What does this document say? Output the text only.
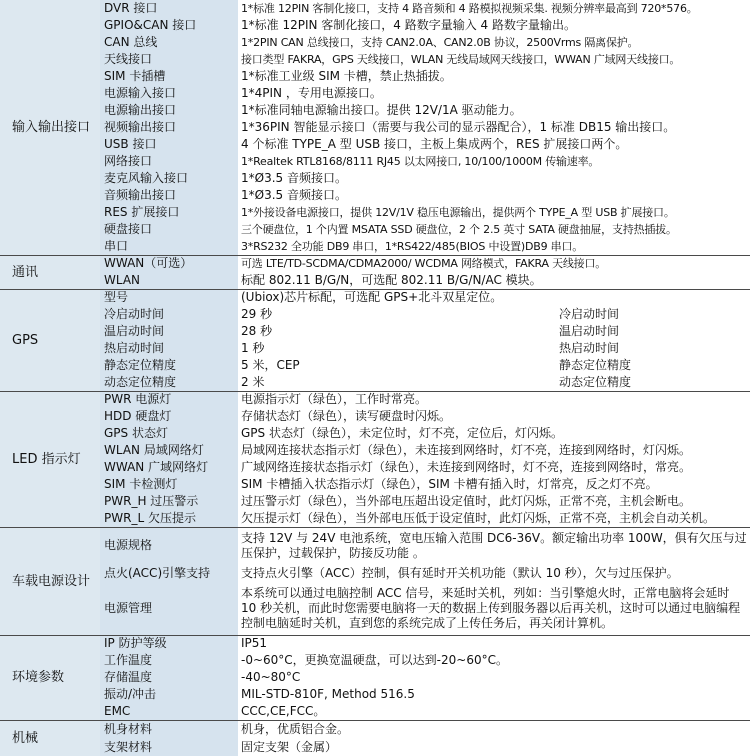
输入输出接口	DVR 接口	1*标准 12PIN 客制化接口，支持 4 路音频和 4 路模拟视频采集. 视频分辨率最高到 720*576。	
	GPIO&CAN 接口	1*标准 12PIN 客制化接口，4 路数字量输入 4 路数字量输出。	
	CAN 总线	1*2PIN CAN 总线接口，支持 CAN2.0A、CAN2.0B 协议，2500Vrms 隔离保护。	
	天线接口	接口类型 FAKRA，GPS 天线接口，WLAN 无线局域网天线接口，WWAN 广域网天线接口。	
	SIM 卡插槽	1*标准工业级 SIM 卡槽，禁止热插拔。	
	电源输入接口	1*4PIN ，专用电源接口。	
	电源输出接口	1*标准同轴电源输出接口。提供 12V/1A 驱动能力。	
	视频输出接口	1*36PIN 智能显示接口（需要与我公司的显示器配合），1 标准 DB15 输出接口。	
	USB 接口	4 个标准 TYPE_A 型 USB 接口，主板上集成两个，RES 扩展接口两个。	
	网络接口	1*Realtek RTL8168/8111 RJ45 以太网接口, 10/100/1000M 传输速率。	
	麦克风输入接口	1*Ø3.5 音频接口。	
	音频输出接口	1*Ø3.5 音频接口。	
	RES 扩展接口	1*外接设备电源接口，提供 12V/1V 稳压电源输出，提供两个 TYPE_A 型 USB 扩展接口。	
	硬盘接口	三个硬盘位，1 个内置 MSATA SSD 硬盘位，2 个 2.5 英寸 SATA 硬盘抽屉，支持热插拔。	
	串口	3*RS232 全功能 DB9 串口，1*RS422/485(BIOS 中设置)DB9 串口。	
通讯	WWAN（可选）	可选 LTE/TD-SCDMA/CDMA2000/ WCDMA 网络模式，FAKRA 天线接口。	
	WLAN	标配 802.11 B/G/N，可选配 802.11 B/G/N/AC 模块。	
GPS	型号	(Ubiox)芯片标配，可选配 GPS+北斗双星定位。	
	冷启动时间	29 秒	冷启动时间
	温启动时间	28 秒	温启动时间
	热启动时间	1 秒	热启动时间
	静态定位精度	5 米，CEP	静态定位精度
	动态定位精度	2 米	动态定位精度
LED 指示灯	PWR 电源灯	电源指示灯（绿色），工作时常亮。	
	HDD 硬盘灯	存储状态灯（绿色），读写硬盘时闪烁。	
	GPS 状态灯	GPS 状态灯（绿色），未定位时，灯不亮，定位后，灯闪烁。	
	WLAN 局域网络灯	局域网连接状态指示灯（绿色），未连接到网络时，灯不亮，连接到网络时，灯闪烁。	
	WWAN 广域网络灯	广域网络连接状态指示灯（绿色），未连接到网络时，灯不亮，连接到网络时，常亮。	
	SIM 卡检测灯	SIM 卡槽插入状态指示灯（绿色），SIM 卡槽有插入时，灯常亮，反之灯不亮。	
	PWR_H 过压警示	过压警示灯（绿色），当外部电压超出设定值时，此灯闪烁，正常不亮，主机会断电。	
	PWR_L 欠压提示	欠压提示灯（绿色），当外部电压低于设定值时，此灯闪烁，正常不亮，主机会自动关机。	
车载电源设计	电源规格	支持 12V 与 24V 电池系统，宽电压输入范围 DC6-36V。额定输出功率 100W，俱有欠压与过压保护，过载保护，防接反功能 。	
	点火(ACC)引擎支持	支持点火引擎（ACC）控制，俱有延时开关机功能（默认 10 秒），欠与过压保护。	
	电源管理	本系统可以通过电脑控制 ACC 信号，来延时关机，列如：当引擎熄火时，正常电脑将会延时 10 秒关机，而此时您需要电脑将一天的数据上传到服务器以后再关机，这时可以通过电脑编程控制电脑延时关机，直到您的系统完成了上传任务后，再关闭计算机。	
环境参数	IP 防护等级	IP51	
	工作温度	-0~60°C，更换宽温硬盘，可以达到-20~60°C。	
	存储温度	-40~80°C	
	振动/冲击	MIL-STD-810F, Method 516.5	
	EMC	CCC,CE,FCC。	
机械	机身材料	机身，优质铝合金。	
	支架材料	固定支架（金属）	
